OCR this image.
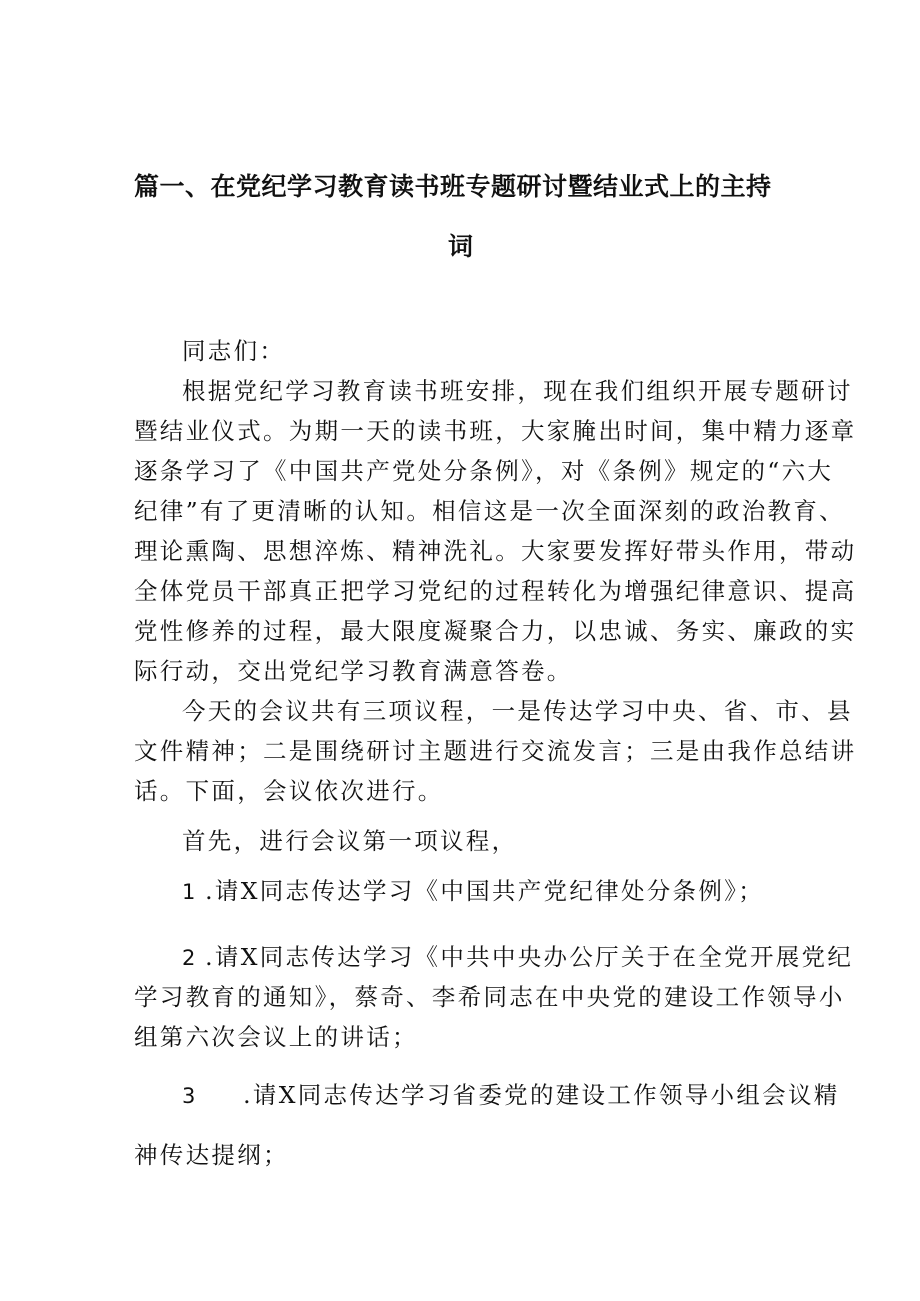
篇一、在党纪学习教育读书班专题研讨暨结业式上的主持
词
同志们：
根据党纪学习教育读书班安排，现在我们组织开展专题研讨
暨结业仪式。为期一天的读书班，大家腌出时间，集中精力逐章
逐条学习了《中国共产党处分条例》，对《条例》规定的“六大
纪律”有了更清晰的认知。相信这是一次全面深刻的政治教育、
理论熏陶、思想淬炼、精神洗礼。大家要发挥好带头作用，带动
全体党员干部真正把学习党纪的过程转化为增强纪律意识、提高
党性修养的过程，最大限度凝聚合力，以忠诚、务实、廉政的实
际行动，交出党纪学习教育满意答卷。
今天的会议共有三项议程，一是传达学习中央、省、市、县
文件精神；二是围绕研讨主题进行交流发言；三是由我作总结讲
话。下面，会议依次进行。
首先，进行会议第一项议程，
1 .请X同志传达学习《中国共产党纪律处分条例》；
2 .请X同志传达学习《中共中央办公厅关于在全党开展党纪
学习教育的通知》，蔡奇、李希同志在中央党的建设工作领导小
组第六次会议上的讲话；
3 .请X同志传达学习省委党的建设工作领导小组会议精
神传达提纲；
